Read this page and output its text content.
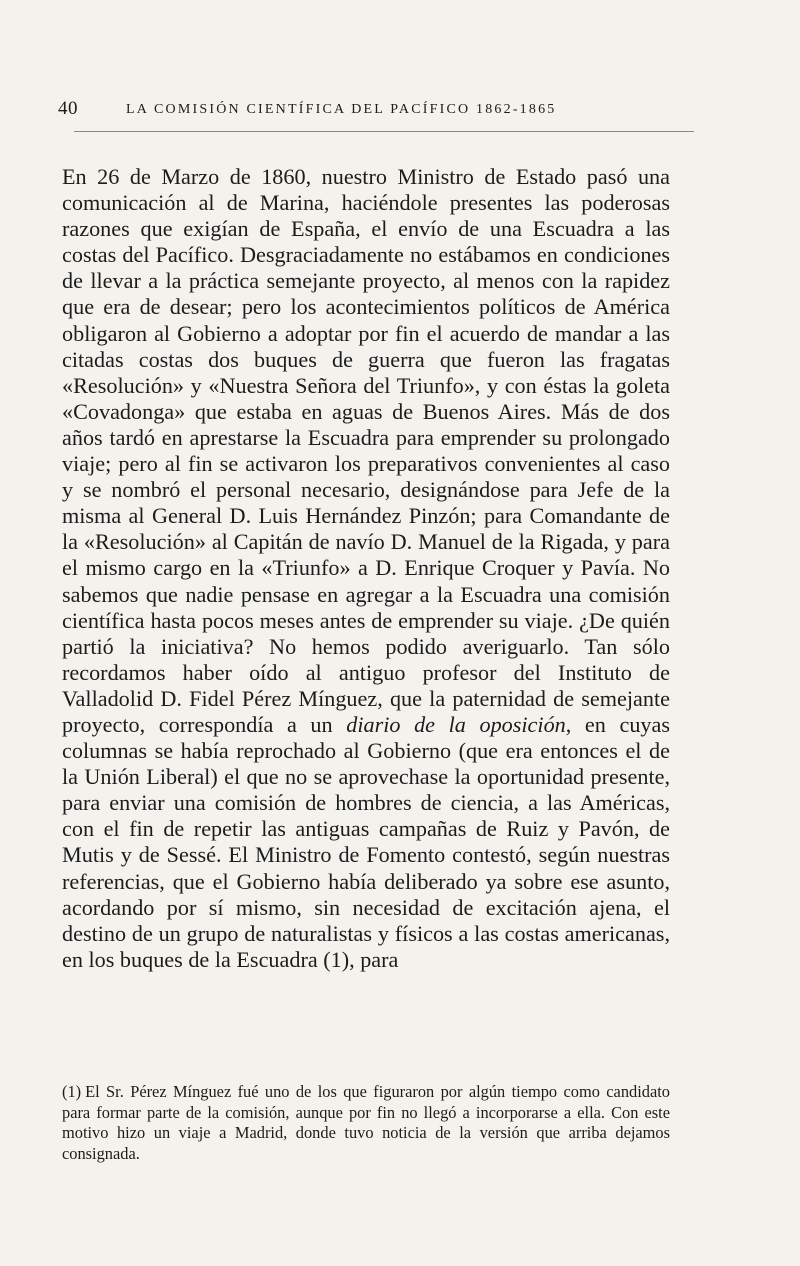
40	LA COMISIÓN CIENTÍFICA DEL PACÍFICO 1862-1865
En 26 de Marzo de 1860, nuestro Ministro de Estado pasó una comunicación al de Marina, haciéndole presentes las poderosas razones que exigían de España, el envío de una Escuadra a las costas del Pacífico. Desgraciadamente no estábamos en condiciones de llevar a la práctica semejante proyecto, al menos con la rapidez que era de desear; pero los acontecimientos políticos de América obligaron al Gobierno a adoptar por fin el acuerdo de mandar a las citadas costas dos buques de guerra que fueron las fragatas «Resolución» y «Nuestra Señora del Triunfo», y con éstas la goleta «Covadonga» que estaba en aguas de Buenos Aires. Más de dos años tardó en aprestarse la Escuadra para emprender su prolongado viaje; pero al fin se activaron los preparativos convenientes al caso y se nombró el personal necesario, designándose para Jefe de la misma al General D. Luis Hernández Pinzón; para Comandante de la «Resolución» al Capitán de navío D. Manuel de la Rigada, y para el mismo cargo en la «Triunfo» a D. Enrique Croquer y Pavía. No sabemos que nadie pensase en agregar a la Escuadra una comisión científica hasta pocos meses antes de emprender su viaje. ¿De quién partió la iniciativa? No hemos podido averiguarlo. Tan sólo recordamos haber oído al antiguo profesor del Instituto de Valladolid D. Fidel Pérez Mínguez, que la paternidad de semejante proyecto, correspondía a un diario de la oposición, en cuyas columnas se había reprochado al Gobierno (que era entonces el de la Unión Liberal) el que no se aprovechase la oportunidad presente, para enviar una comisión de hombres de ciencia, a las Américas, con el fin de repetir las antiguas campañas de Ruiz y Pavón, de Mutis y de Sessé. El Ministro de Fomento contestó, según nuestras referencias, que el Gobierno había deliberado ya sobre ese asunto, acordando por sí mismo, sin necesidad de excitación ajena, el destino de un grupo de naturalistas y físicos a las costas americanas, en los buques de la Escuadra (1), para
(1) El Sr. Pérez Mínguez fué uno de los que figuraron por algún tiempo como candidato para formar parte de la comisión, aunque por fin no llegó a incorporarse a ella. Con este motivo hizo un viaje a Madrid, donde tuvo noticia de la versión que arriba dejamos consignada.
